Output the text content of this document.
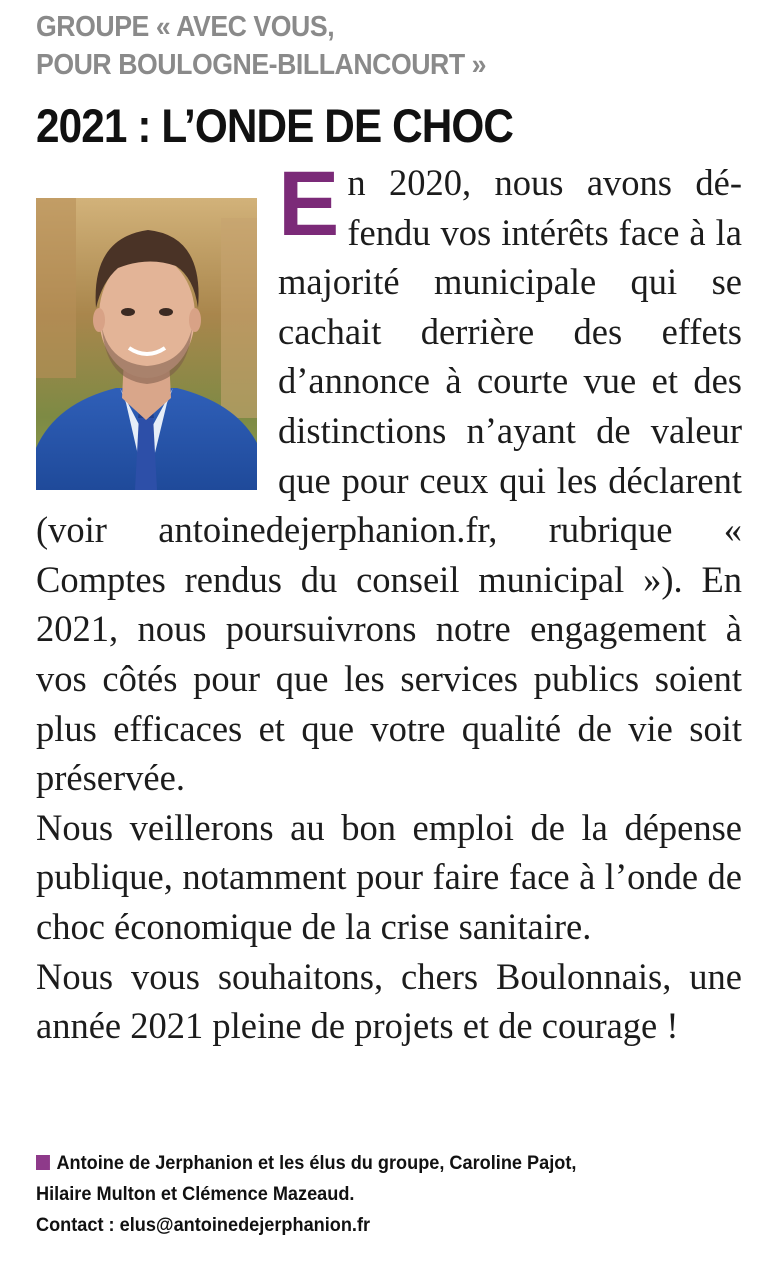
GROUPE « AVEC VOUS,
POUR BOULOGNE-BILLANCOURT »
2021 : L’ONDE DE CHOC

En 2020, nous avons défendu vos intérêts face à la majorité municipale qui se cachait derrière des effets d’annonce à courte vue et des distinctions n’ayant de valeur que pour ceux qui les déclarent (voir antoinedejerphanion.fr, rubrique « Comptes rendus du conseil municipal »). En 2021, nous poursuivrons notre engagement à vos côtés pour que les services publics soient plus efficaces et que votre qualité de vie soit préservée.

Nous veillerons au bon emploi de la dépense publique, notamment pour faire face à l’onde de choc économique de la crise sanitaire.

Nous vous souhaitons, chers Boulonnais, une année 2021 pleine de projets et de courage !

Antoine de Jerphanion et les élus du groupe, Caroline Pajot,
Hilaire Multon et Clémence Mazeaud.
Contact : elus@antoinedejerphanion.fr
